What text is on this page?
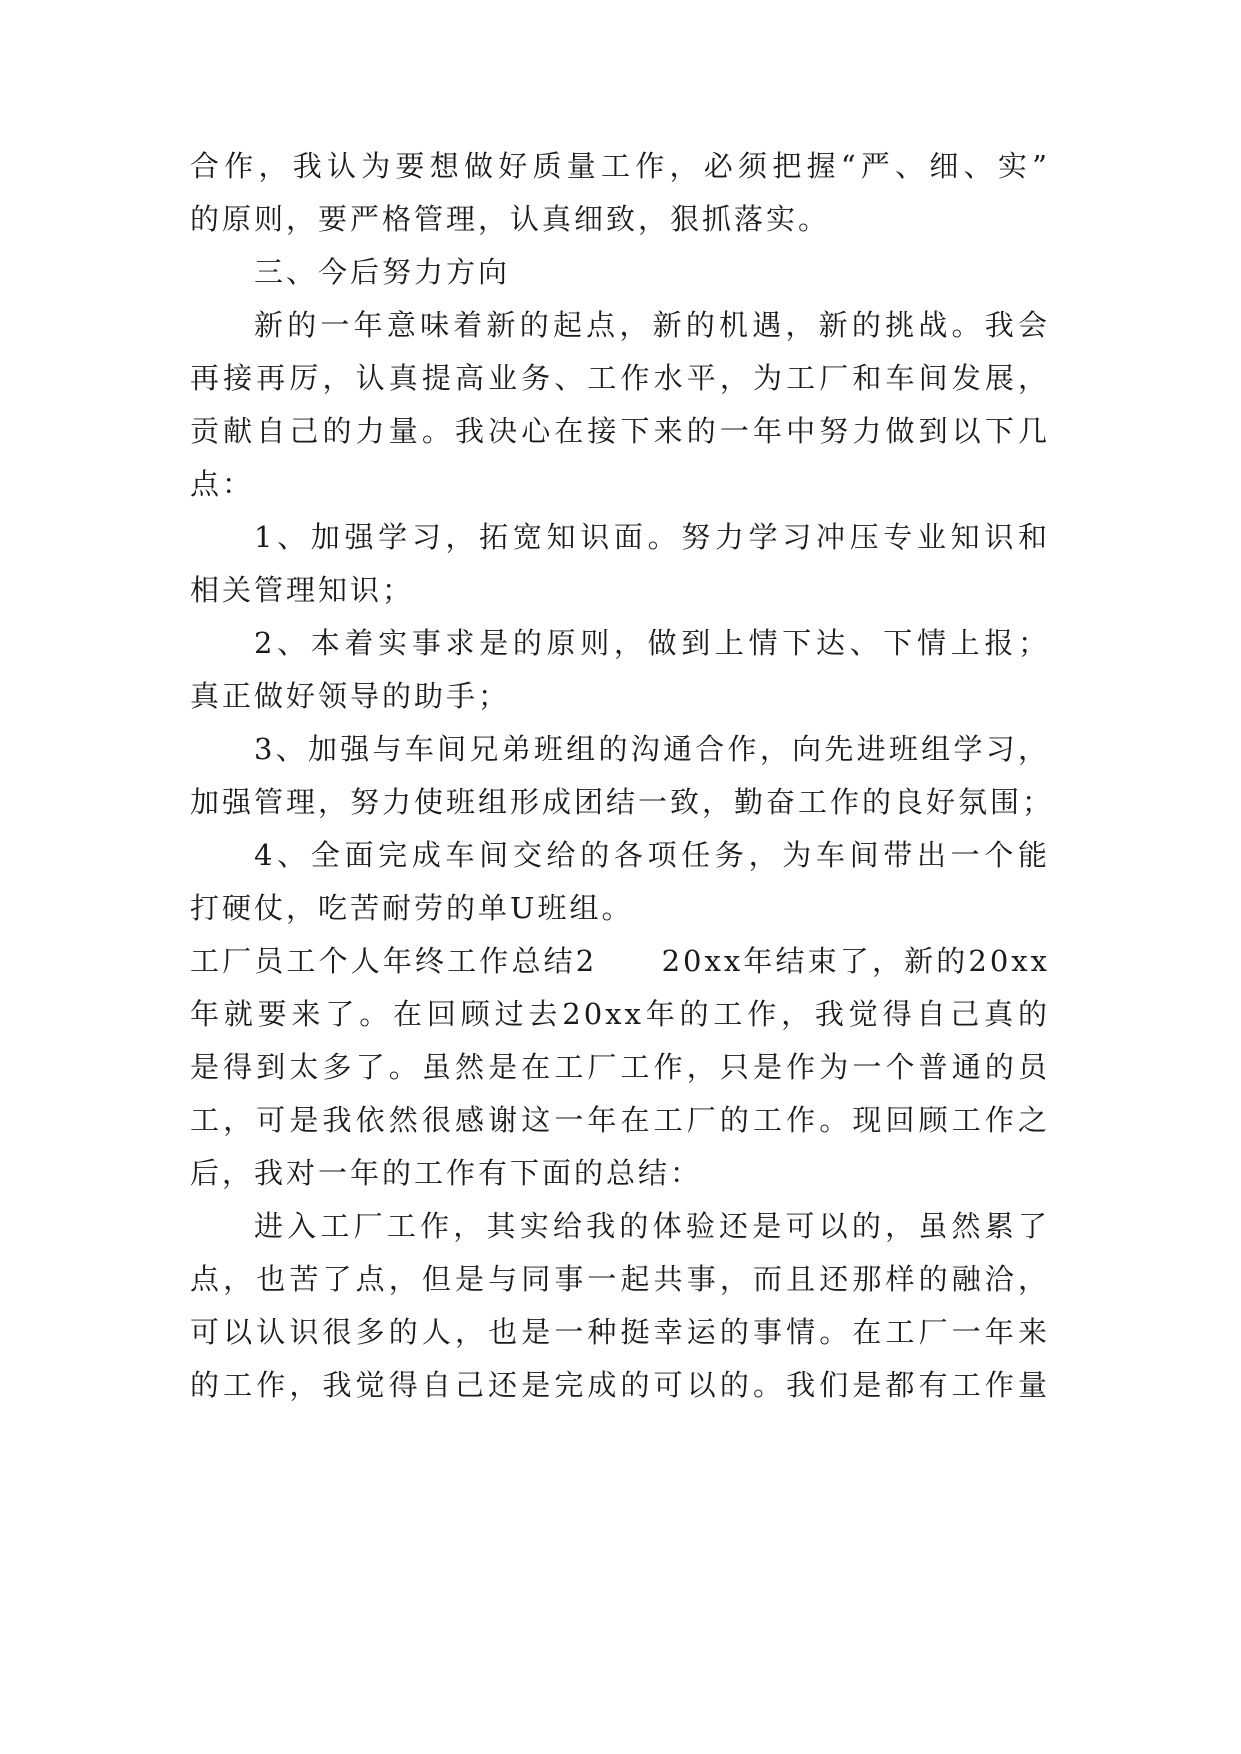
合作，我认为要想做好质量工作，必须把握“严、细、实”
的原则，要严格管理，认真细致，狠抓落实。
三、今后努力方向
新的一年意味着新的起点，新的机遇，新的挑战。我会
再接再厉，认真提高业务、工作水平，为工厂和车间发展，
贡献自己的力量。我决心在接下来的一年中努力做到以下几
点：
1、加强学习，拓宽知识面。努力学习冲压专业知识和
相关管理知识；
2、本着实事求是的原则，做到上情下达、下情上报；
真正做好领导的助手；
3、加强与车间兄弟班组的沟通合作，向先进班组学习，
加强管理，努力使班组形成团结一致，勤奋工作的良好氛围；
4、全面完成车间交给的各项任务，为车间带出一个能
打硬仗，吃苦耐劳的单U班组。
工厂员工个人年终工作总结2　　20xx年结束了，新的20xx
年就要来了。在回顾过去20xx年的工作，我觉得自己真的
是得到太多了。虽然是在工厂工作，只是作为一个普通的员
工，可是我依然很感谢这一年在工厂的工作。现回顾工作之
后，我对一年的工作有下面的总结：
进入工厂工作，其实给我的体验还是可以的，虽然累了
点，也苦了点，但是与同事一起共事，而且还那样的融洽，
可以认识很多的人，也是一种挺幸运的事情。在工厂一年来
的工作，我觉得自己还是完成的可以的。我们是都有工作量
